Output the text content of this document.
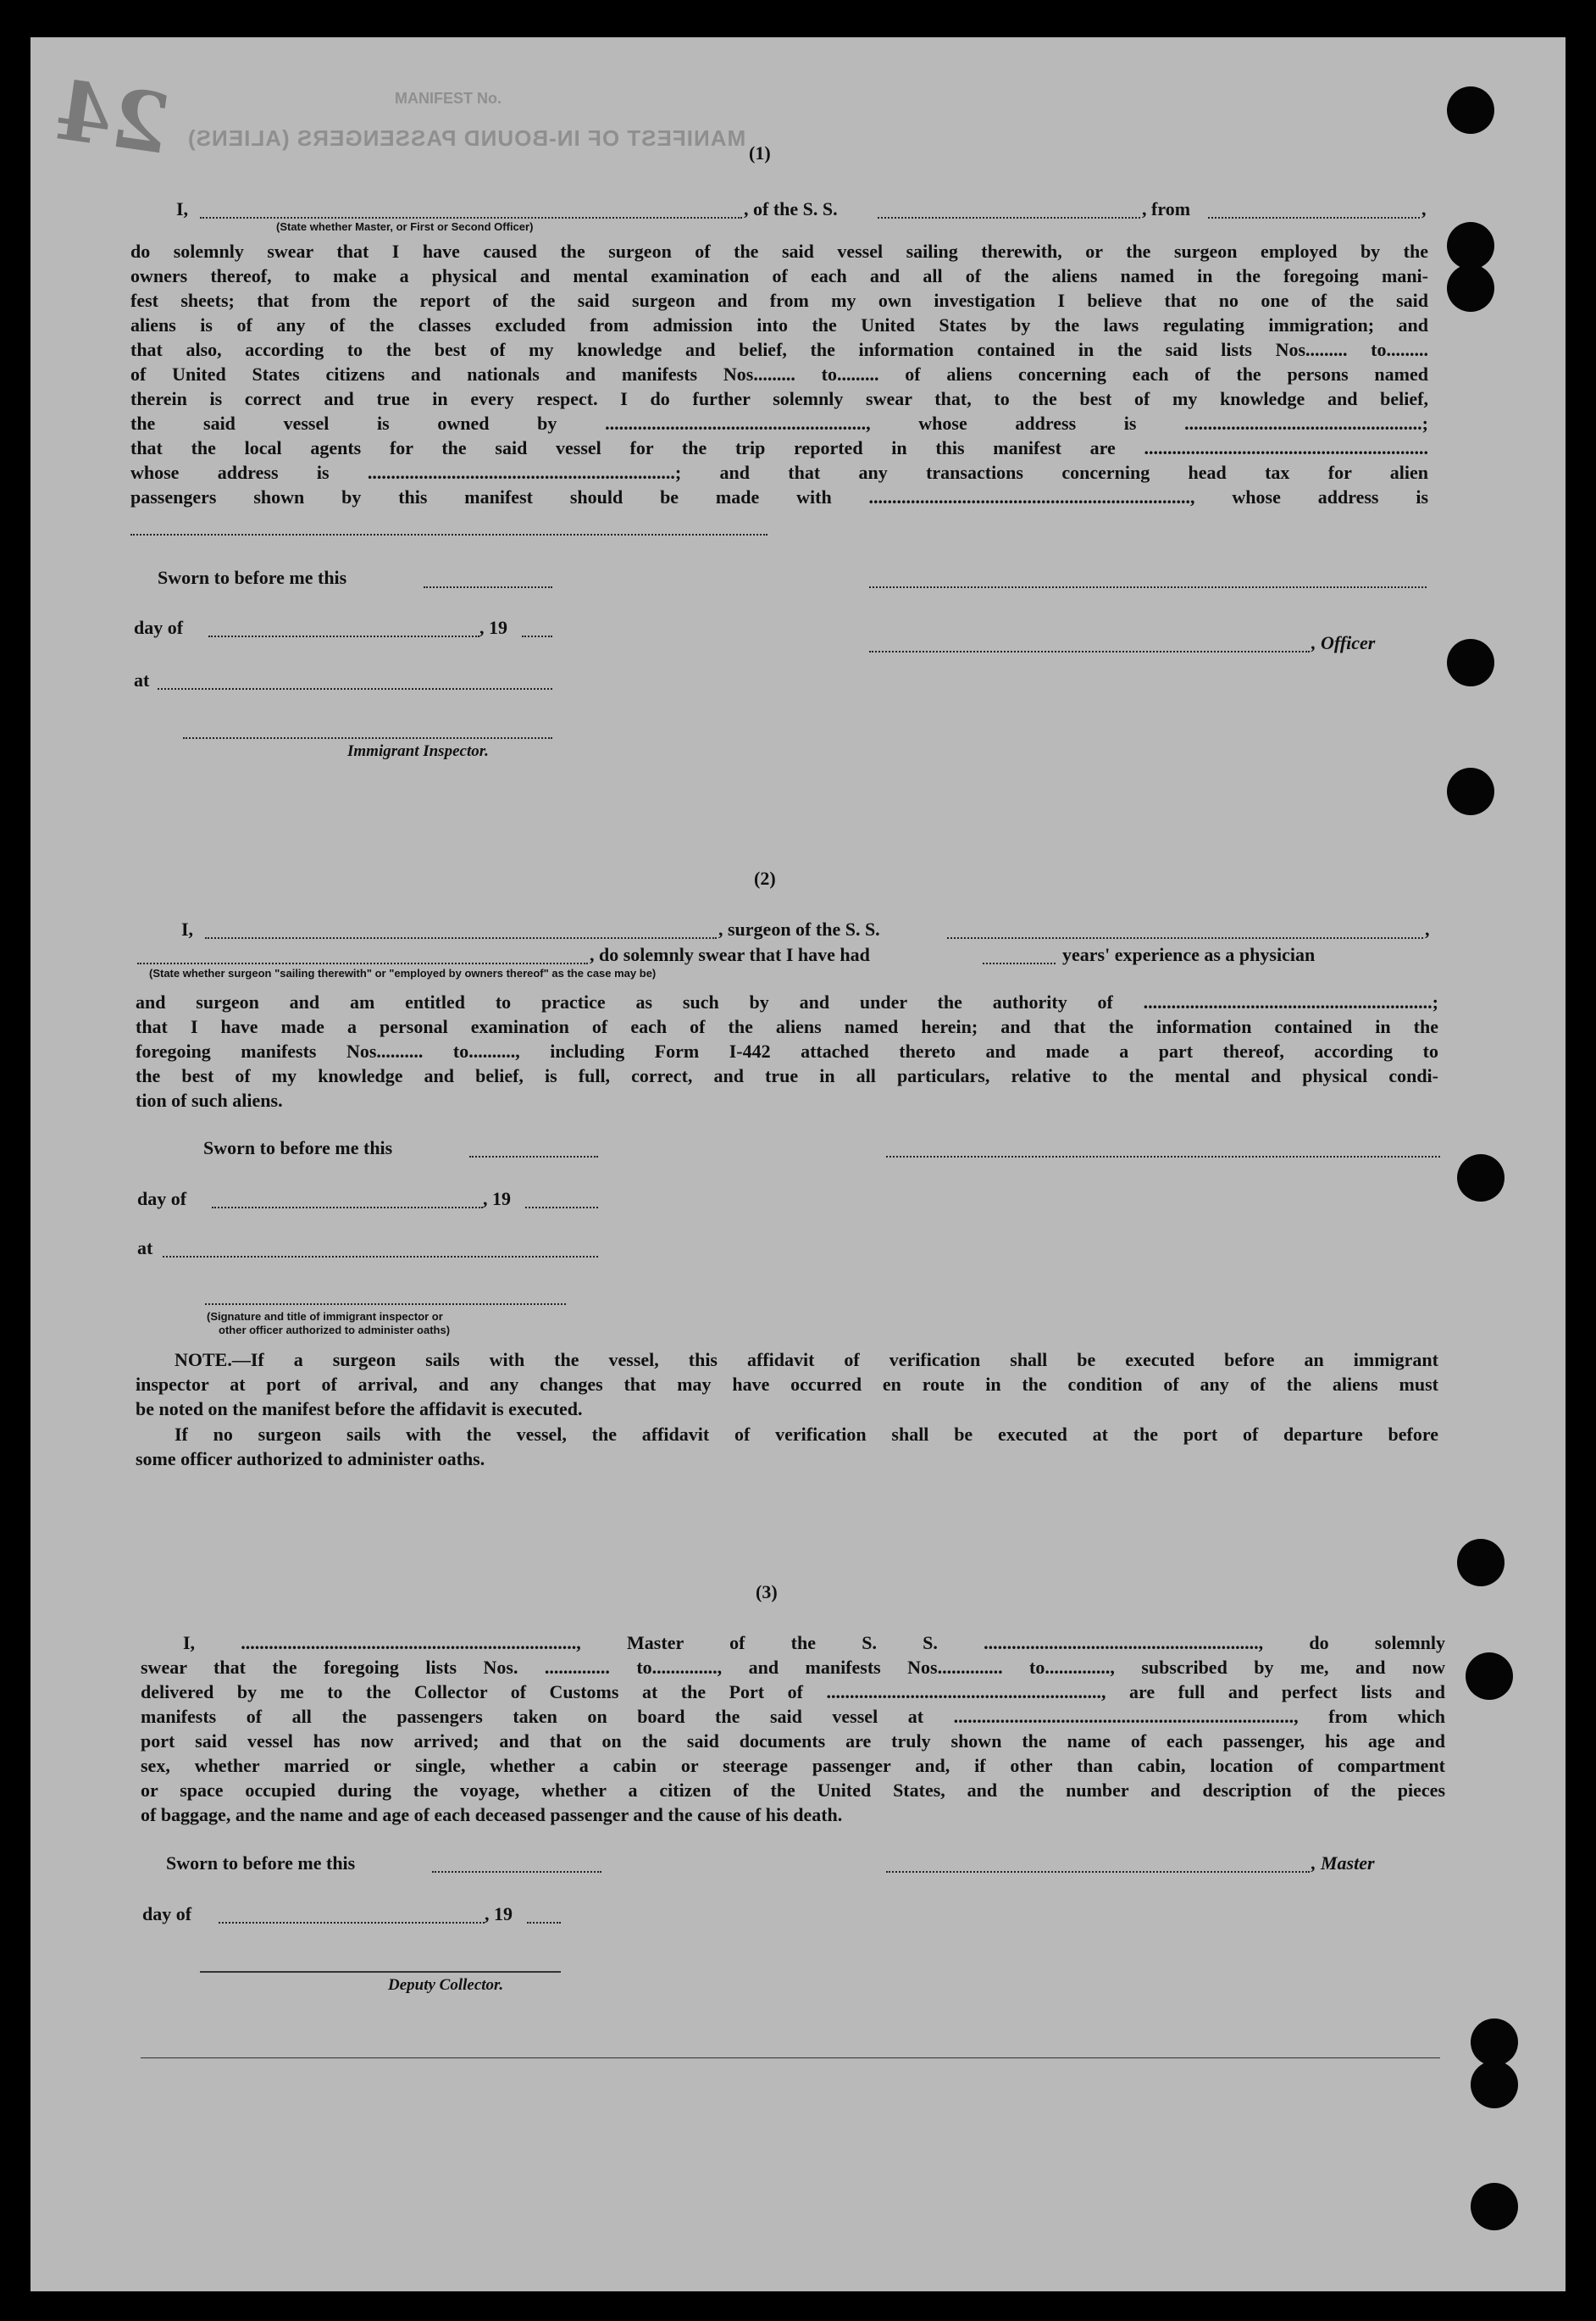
MANIFEST No.
MANIFEST OF IN-BOUND PASSENGERS (ALIENS)
24	(1)
I,	, of the S. S.	, from	,
(State whether Master, or First or Second Officer)
do solemnly swear that I have caused the surgeon of the said vessel sailing therewith, or the surgeon employed by the
owners thereof, to make a physical and mental examination of each and all of the aliens named in the foregoing mani-
fest sheets; that from the report of the said surgeon and from my own investigation I believe that no one of the said
aliens is of any of the classes excluded from admission into the United States by the laws regulating immigration; and
that also, according to the best of my knowledge and belief, the information contained in the said lists Nos......... to.........
of United States citizens and nationals and manifests Nos......... to......... of aliens concerning each of the persons named
therein is correct and true in every respect. I do further solemnly swear that, to the best of my knowledge and belief,
the said vessel is owned by ........................................................, whose address is ...................................................;
that the local agents for the said vessel for the trip reported in this manifest are .............................................................
whose address is ..................................................................; and that any transactions concerning head tax for alien
passengers shown by this manifest should be made with ....................................................................., whose address is
Sworn to before me this
day of	, 19
, Officer
at
Immigrant Inspector.
(2)
I,	, surgeon of the S. S.	,
, do solemnly swear that I have had	years' experience as a physician
(State whether surgeon "sailing therewith" or "employed by owners thereof" as the case may be)
and surgeon and am entitled to practice as such by and under the authority of ..............................................................;
that I have made a personal examination of each of the aliens named herein; and that the information contained in the
foregoing manifests Nos.......... to.........., including Form I-442 attached thereto and made a part thereof, according to
the best of my knowledge and belief, is full, correct, and true in all particulars, relative to the mental and physical condi-
tion of such aliens.
Sworn to before me this
day of	, 19
at
(Signature and title of immigrant inspector or
other officer authorized to administer oaths)
NOTE.—If a surgeon sails with the vessel, this affidavit of verification shall be executed before an immigrant
inspector at port of arrival, and any changes that may have occurred en route in the condition of any of the aliens must
be noted on the manifest before the affidavit is executed.
If no surgeon sails with the vessel, the affidavit of verification shall be executed at the port of departure before
some officer authorized to administer oaths.
(3)
I, ........................................................................, Master of the S. S. ..........................................................., do solemnly
swear that the foregoing lists Nos. .............. to.............., and manifests Nos.............. to.............., subscribed by me, and now
delivered by me to the Collector of Customs at the Port of ..........................................................., are full and perfect lists and
manifests of all the passengers taken on board the said vessel at ........................................................................., from which
port said vessel has now arrived; and that on the said documents are truly shown the name of each passenger, his age and
sex, whether married or single, whether a cabin or steerage passenger and, if other than cabin, location of compartment
or space occupied during the voyage, whether a citizen of the United States, and the number and description of the pieces
of baggage, and the name and age of each deceased passenger and the cause of his death.
Sworn to before me this	, Master
day of	, 19
Deputy Collector.
